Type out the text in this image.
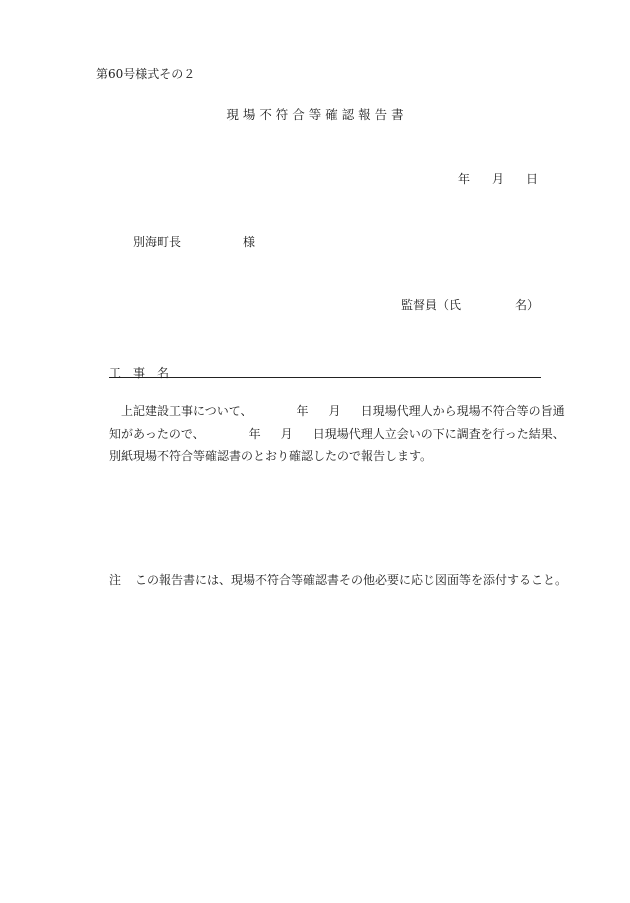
第60号様式その２
現 場 不 符 合 等 確 認 報 告 書
年 月 日
別海町長	様
監督員（氏	名）
工　事　名
上記建設工事について、	年 月 日現場代理人から現場不符合等の旨通
知があったので、	年 月 日現場代理人立会いの下に調査を行った結果、
別紙現場不符合等確認書のとおり確認したので報告します。
注 この報告書には、現場不符合等確認書その他必要に応じ図面等を添付すること。
